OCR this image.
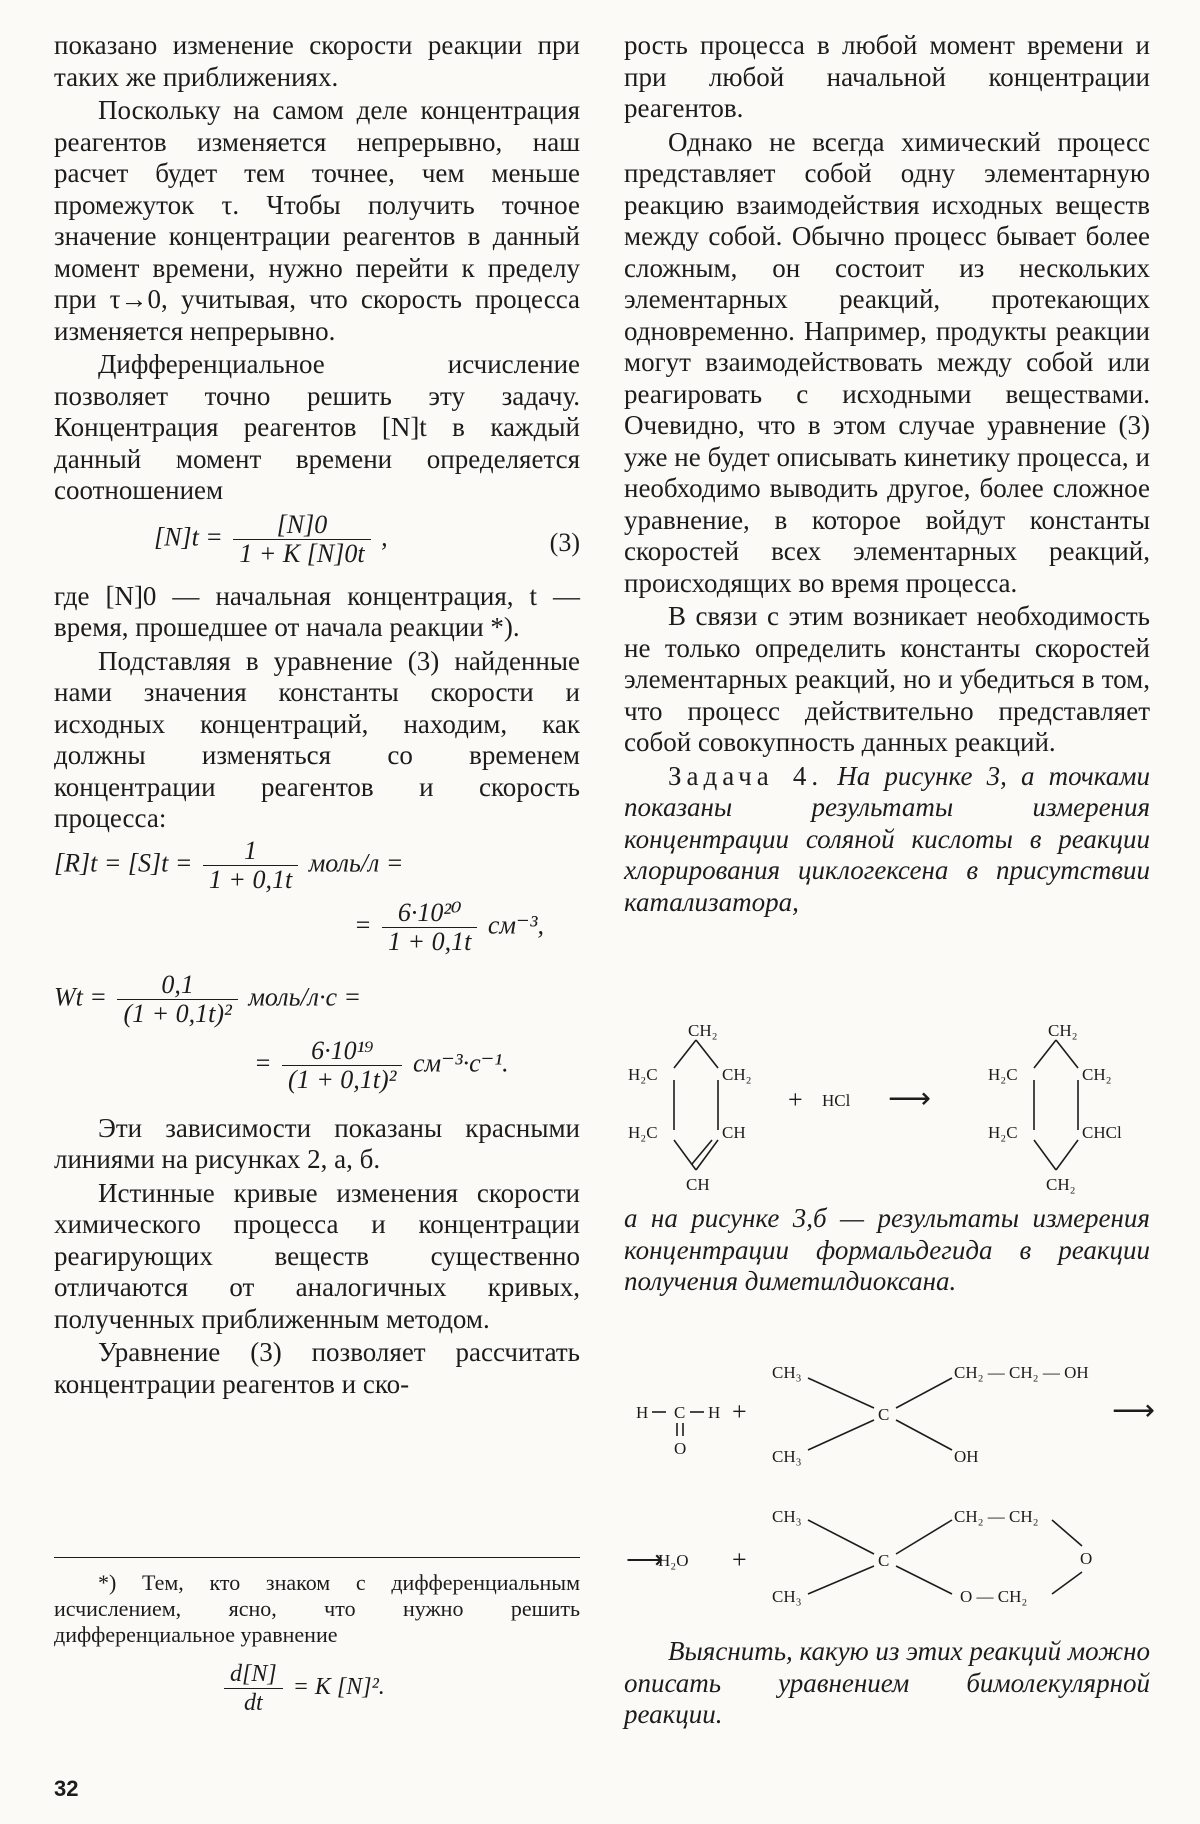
показано изменение скорости реакции при таких же приближениях.

Поскольку на самом деле концентрация реагентов изменяется непрерывно, наш расчет будет тем точнее, чем меньше промежуток τ. Чтобы получить точное значение концентрации реагентов в данный момент времени, нужно перейти к пределу при τ→0, учитывая, что скорость процесса изменяется непрерывно.

Дифференциальное исчисление позволяет точно решить эту задачу. Концентрация реагентов [N]t в каждый данный момент времени определяется соотношением

$[N]t = \frac{[N]0}{1 + K [N]0t}$ ,	(3)

где [N]0 — начальная концентрация, t — время, прошедшее от начала реакции *).

Подставляя в уравнение (3) найденные нами значения константы скорости и исходных концентраций, находим, как должны изменяться со временем концентрации реагентов и скорость процесса:

$[R]t = [S]t = \frac{1}{1 + 0,1t}$ моль/л =
= $\frac{\text{6·10²⁰}}{1 + 0,1t} см^{-3}$,
$Wt = \frac{0,1}{\text{(1 + 0,1t)²}}$ моль/л·с =
= $\frac{\text{6·10¹⁹}}{\text{(1 + 0,1t)²}} см^{-3}\cdot с^{-1}$.

Эти зависимости показаны красными линиями на рисунках 2, а, б.

Истинные кривые изменения скорости химического процесса и концентрации реагирующих веществ существенно отличаются от аналогичных кривых, полученных приближенным методом.

Уравнение (3) позволяет рассчитать концентрации реагентов и ско-

*) Тем, кто знаком с дифференциальным исчислением, ясно, что нужно решить дифференциальное уравнение

$\frac{d[N]}{dt} = K$ [N]².
32

рость процесса в любой момент времени и при любой начальной концентрации реагентов.

Однако не всегда химический процесс представляет собой одну элементарную реакцию взаимодействия исходных веществ между собой. Обычно процесс бывает более сложным, он состоит из нескольких элементарных реакций, протекающих одновременно. Например, продукты реакции могут взаимодействовать между собой или реагировать с исходными веществами. Очевидно, что в этом случае уравнение (3) уже не будет описывать кинетику процесса, и необходимо выводить другое, более сложное уравнение, в которое войдут константы скоростей всех элементарных реакций, происходящих во время процесса.

В связи с этим возникает необходимость не только определить константы скоростей элементарных реакций, но и убедиться в том, что процесс действительно представляет собой совокупность данных реакций.

Задача 4. На рисунке 3, а точками показаны результаты измерения концентрации соляной кислоты в реакции хлорирования циклогексена в присутствии катализатора,

CH₂
H₂C	CH₂
H₂C	CH
CH
+ HCl ⟶
CH₂
H₂C	CH₂
H₂C	CHCl
CH₂

а на рисунке 3,б — результаты измерения концентрации формальдегида в реакции получения диметилдиоксана.

H C H
O
+
CH₃
CH₃
C
CH₂ — CH₂ — OH
OH
⟶
⟶
H₂O +
CH₃
CH₃
C
CH₂ — CH₂
O
O — CH₂

Выяснить, какую из этих реакций можно описать уравнением бимолекулярной реакции.
